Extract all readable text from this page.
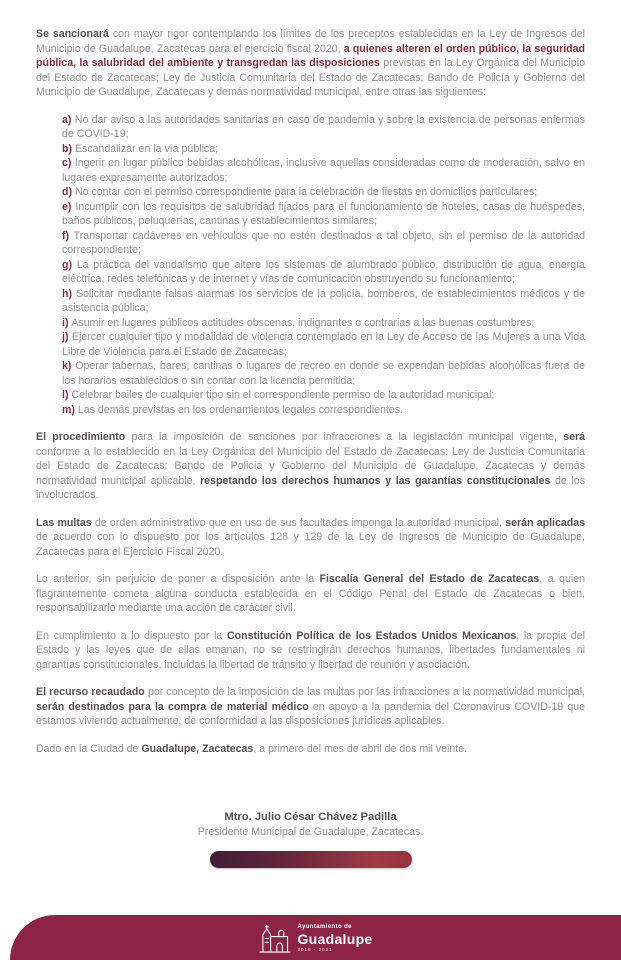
Se sancionará con mayor rigor contemplando los límites de los preceptos establecidas en la Ley de Ingresos del Municipio de Guadalupe, Zacatecas para el ejercicio fiscal 2020, a quienes alteren el orden público, la seguridad pública, la salubridad del ambiente y transgredan las disposiciones previstas en la Ley Orgánica del Municipio del Estado de Zacatecas; Ley de Justicia Comunitaria del Estado de Zacatecas; Bando de Policía y Gobierno del Municipio de Guadalupe, Zacatecas y demás normatividad municipal, entre otras las siguientes:

a) No dar aviso a las autoridades sanitarias en caso de pandemia y sobre la existencia de personas enfermas de COVID-19;
b) Escandalizar en la vía pública;
c) Ingerir en lugar público bebidas alcohólicas, inclusive aquellas consideradas como de moderación, salvo en lugares expresamente autorizados;
d) No contar con el permiso correspondiente para la celebración de fiestas en domicilios particulares;
e) Incumplir con los requisitos de salubridad fijados para el funcionamiento de hoteles, casas de huéspedes, baños públicos, peluquerías, cantinas y establecimientos similares;
f) Transportar cadáveres en vehículos que no estén destinados a tal objeto, sin el permiso de la autoridad correspondiente;
g) La práctica del vandalismo que altere los sistemas de alumbrado público, distribución de agua, energía eléctrica, redes telefónicas y de internet y vías de comunicación obstruyendo su funcionamiento;
h) Solicitar mediante falsas alarmas los servicios de la policía, bomberos, de establecimientos médicos y de asistencia pública;
i) Asumir en lugares públicos actitudes obscenas, indignantes o contrarias a las buenas costumbres;
j) Ejercer cualquier tipo y modalidad de violencia contemplado en la Ley de Acceso de las Mujeres a una Vida Libre de Violencia para el Estado de Zacatecas;
k) Operar tabernas, bares, cantinas o lugares de recreo en donde se expendan bebidas alcohólicas fuera de los horarios establecidos o sin contar con la licencia permitida;
l) Celebrar bailes de cualquier tipo sin el correspondiente permiso de la autoridad municipal;
m) Las demás previstas en los ordenamientos legales correspondientes.

El procedimiento para la imposición de sanciones por infracciones a la legislación municipal vigente, será conforme a lo establecido en la Ley Orgánica del Municipio del Estado de Zacatecas; Ley de Justicia Comunitaria del Estado de Zacatecas; Bando de Policía y Gobierno del Municipio de Guadalupe, Zacatecas y demás normatividad municipal aplicable, respetando los derechos humanos y las garantías constitucionales de los involucrados.

Las multas de orden administrativo que en uso de sus facultades imponga la autoridad municipal, serán aplicadas de acuerdo con lo dispuesto por los artículos 128 y 129 de la Ley de Ingresos de Municipio de Guadalupe, Zacatecas para el Ejercicio Fiscal 2020.

Lo anterior, sin perjuicio de poner a disposición ante la Fiscalía General del Estado de Zacatecas, a quien flagrantemente cometa alguna conducta establecida en el Código Penal del Estado de Zacatecas o bien, responsabilizarlo mediante una acción de carácter civil.

En cumplimiento a lo dispuesto por la Constitución Política de los Estados Unidos Mexicanos, la propia del Estado y las leyes que de ellas emanan, no se restringirán derechos humanos, libertades fundamentales ni garantías constitucionales, incluidas la libertad de tránsito y libertad de reunión y asociación.

El recurso recaudado por concepto de la imposición de las multas por las infracciones a la normatividad municipal, serán destinados para la compra de material médico en apoyo a la pandemia del Coronavirus COVID-19 que estamos viviendo actualmente, de conformidad a las disposiciones jurídicas aplicables.

Dado en la Ciudad de Guadalupe, Zacatecas, a primero del mes de abril de dos mil veinte.

Mtro. Julio César Chávez Padilla
Presidente Municipal de Guadalupe, Zacatecas.
Ayuntamiento de
Guadalupe
2018 - 2021
